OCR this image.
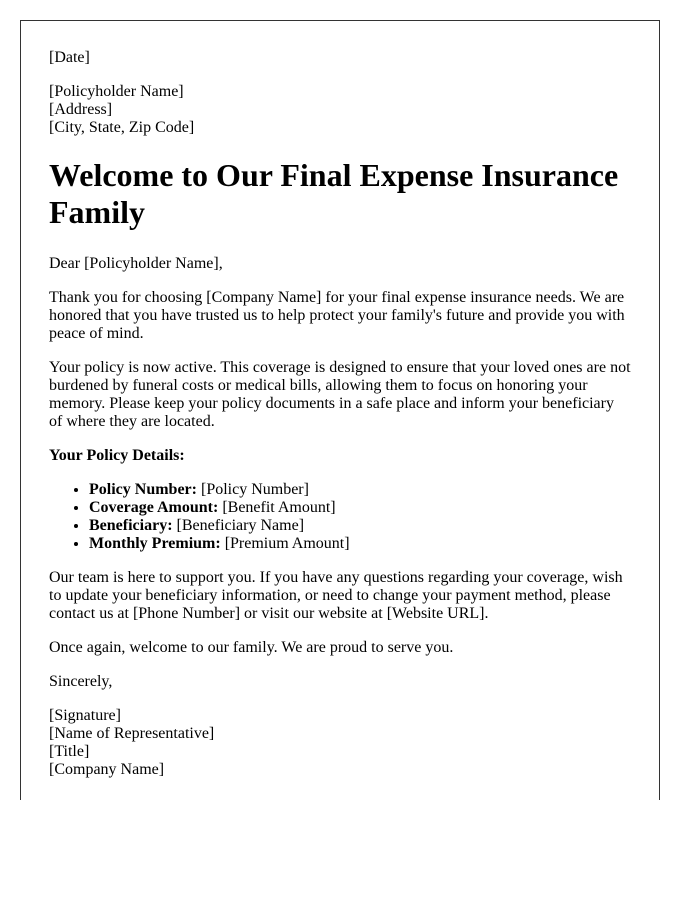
[Date]
[Policyholder Name]
[Address]
[City, State, Zip Code]
Welcome to Our Final Expense Insurance Family

Dear [Policyholder Name],

Thank you for choosing [Company Name] for your final expense insurance needs. We are honored that you have trusted us to help protect your family's future and provide you with peace of mind.

Your policy is now active. This coverage is designed to ensure that your loved ones are not burdened by funeral costs or medical bills, allowing them to focus on honoring your memory. Please keep your policy documents in a safe place and inform your beneficiary of where they are located.

Your Policy Details:
• Policy Number: [Policy Number]
• Coverage Amount: [Benefit Amount]
• Beneficiary: [Beneficiary Name]
• Monthly Premium: [Premium Amount]

Our team is here to support you. If you have any questions regarding your coverage, wish to update your beneficiary information, or need to change your payment method, please contact us at [Phone Number] or visit our website at [Website URL].

Once again, welcome to our family. We are proud to serve you.

Sincerely,

[Signature]
[Name of Representative]
[Title]
[Company Name]
